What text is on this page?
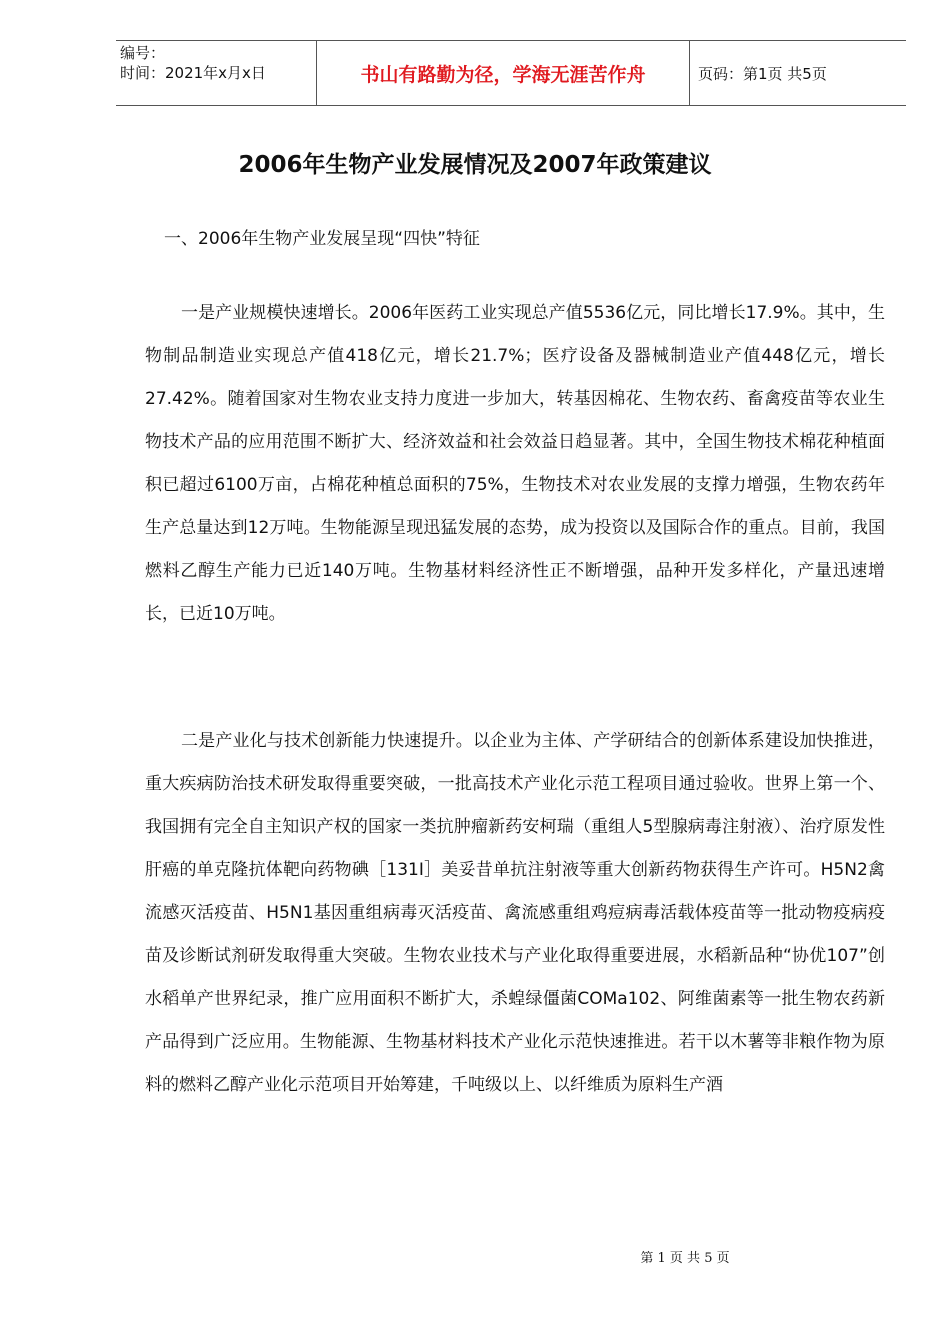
编号：
时间：2021年x月x日	书山有路勤为径，学海无涯苦作舟	页码：第1页 共5页
2006年生物产业发展情况及2007年政策建议
一、2006年生物产业发展呈现“四快”特征
一是产业规模快速增长。2006年医药工业实现总产值5536亿元，同比增长17.9%。其中，生物制品制造业实现总产值418亿元，增长21.7%；医疗设备及器械制造业产值448亿元，增长27.42%。随着国家对生物农业支持力度进一步加大，转基因棉花、生物农药、畜禽疫苗等农业生物技术产品的应用范围不断扩大、经济效益和社会效益日趋显著。其中，全国生物技术棉花种植面积已超过6100万亩，占棉花种植总面积的75%，生物技术对农业发展的支撑力增强，生物农药年生产总量达到12万吨。生物能源呈现迅猛发展的态势，成为投资以及国际合作的重点。目前，我国燃料乙醇生产能力已近140万吨。生物基材料经济性正不断增强，品种开发多样化，产量迅速增长，已近10万吨。
二是产业化与技术创新能力快速提升。以企业为主体、产学研结合的创新体系建设加快推进，重大疾病防治技术研发取得重要突破，一批高技术产业化示范工程项目通过验收。世界上第一个、我国拥有完全自主知识产权的国家一类抗肿瘤新药安柯瑞（重组人5型腺病毒注射液）、治疗原发性肝癌的单克隆抗体靶向药物碘［131I］美妥昔单抗注射液等重大创新药物获得生产许可。H5N2禽流感灭活疫苗、H5N1基因重组病毒灭活疫苗、禽流感重组鸡痘病毒活载体疫苗等一批动物疫病疫苗及诊断试剂研发取得重大突破。生物农业技术与产业化取得重要进展，水稻新品种“协优107”创水稻单产世界纪录，推广应用面积不断扩大，杀蝗绿僵菌COMa102、阿维菌素等一批生物农药新产品得到广泛应用。生物能源、生物基材料技术产业化示范快速推进。若干以木薯等非粮作物为原料的燃料乙醇产业化示范项目开始筹建，千吨级以上、以纤维质为原料生产酒
第 1 页 共 5 页
